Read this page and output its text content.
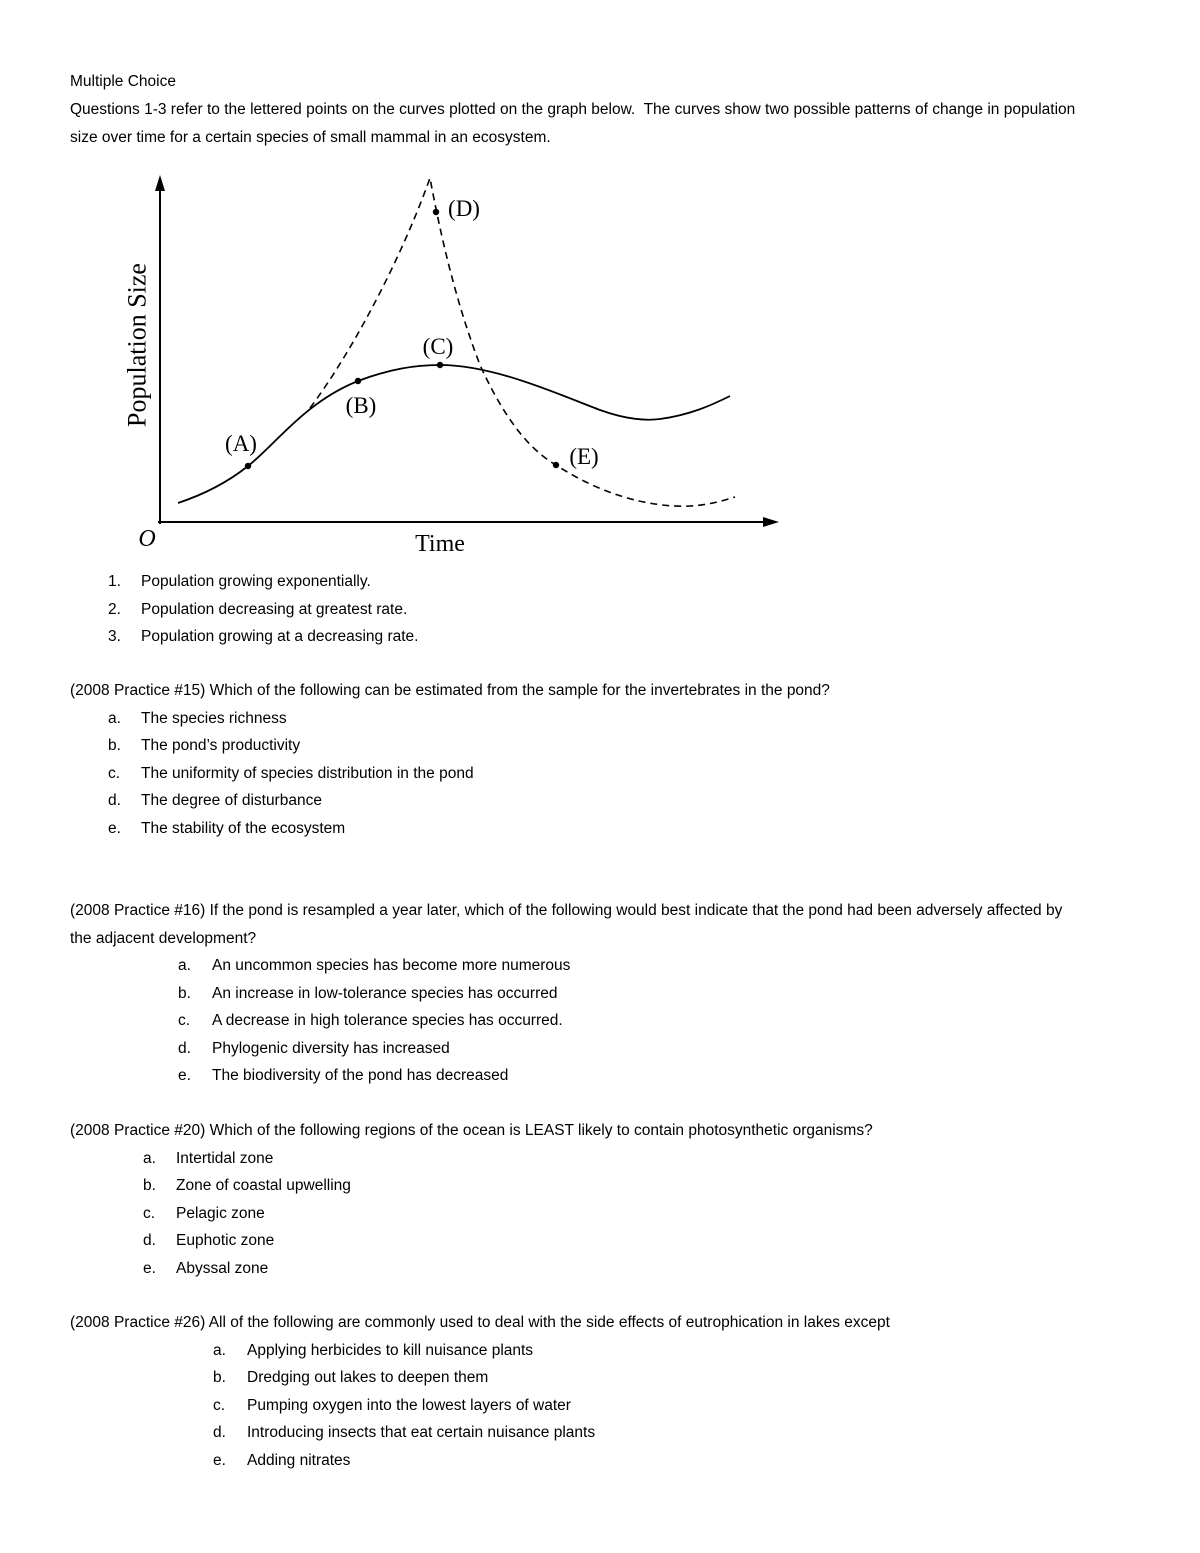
Multiple Choice
Questions 1-3 refer to the lettered points on the curves plotted on the graph below.  The curves show two possible patterns of change in population size over time for a certain species of small mammal in an ecosystem.
Population Size
Time
O
(A)
(B)
(C)
(D)
(E)
1. Population growing exponentially.
2. Population decreasing at greatest rate.
3. Population growing at a decreasing rate.
(2008 Practice #15) Which of the following can be estimated from the sample for the invertebrates in the pond?
a. The species richness
b. The pond’s productivity
c. The uniformity of species distribution in the pond
d. The degree of disturbance
e. The stability of the ecosystem
(2008 Practice #16) If the pond is resampled a year later, which of the following would best indicate that the pond had been adversely affected by the adjacent development?
a. An uncommon species has become more numerous
b. An increase in low-tolerance species has occurred
c. A decrease in high tolerance species has occurred.
d. Phylogenic diversity has increased
e. The biodiversity of the pond has decreased
(2008 Practice #20) Which of the following regions of the ocean is LEAST likely to contain photosynthetic organisms?
a. Intertidal zone
b. Zone of coastal upwelling
c. Pelagic zone
d. Euphotic zone
e. Abyssal zone
(2008 Practice #26) All of the following are commonly used to deal with the side effects of eutrophication in lakes except
a. Applying herbicides to kill nuisance plants
b. Dredging out lakes to deepen them
c. Pumping oxygen into the lowest layers of water
d. Introducing insects that eat certain nuisance plants
e. Adding nitrates
